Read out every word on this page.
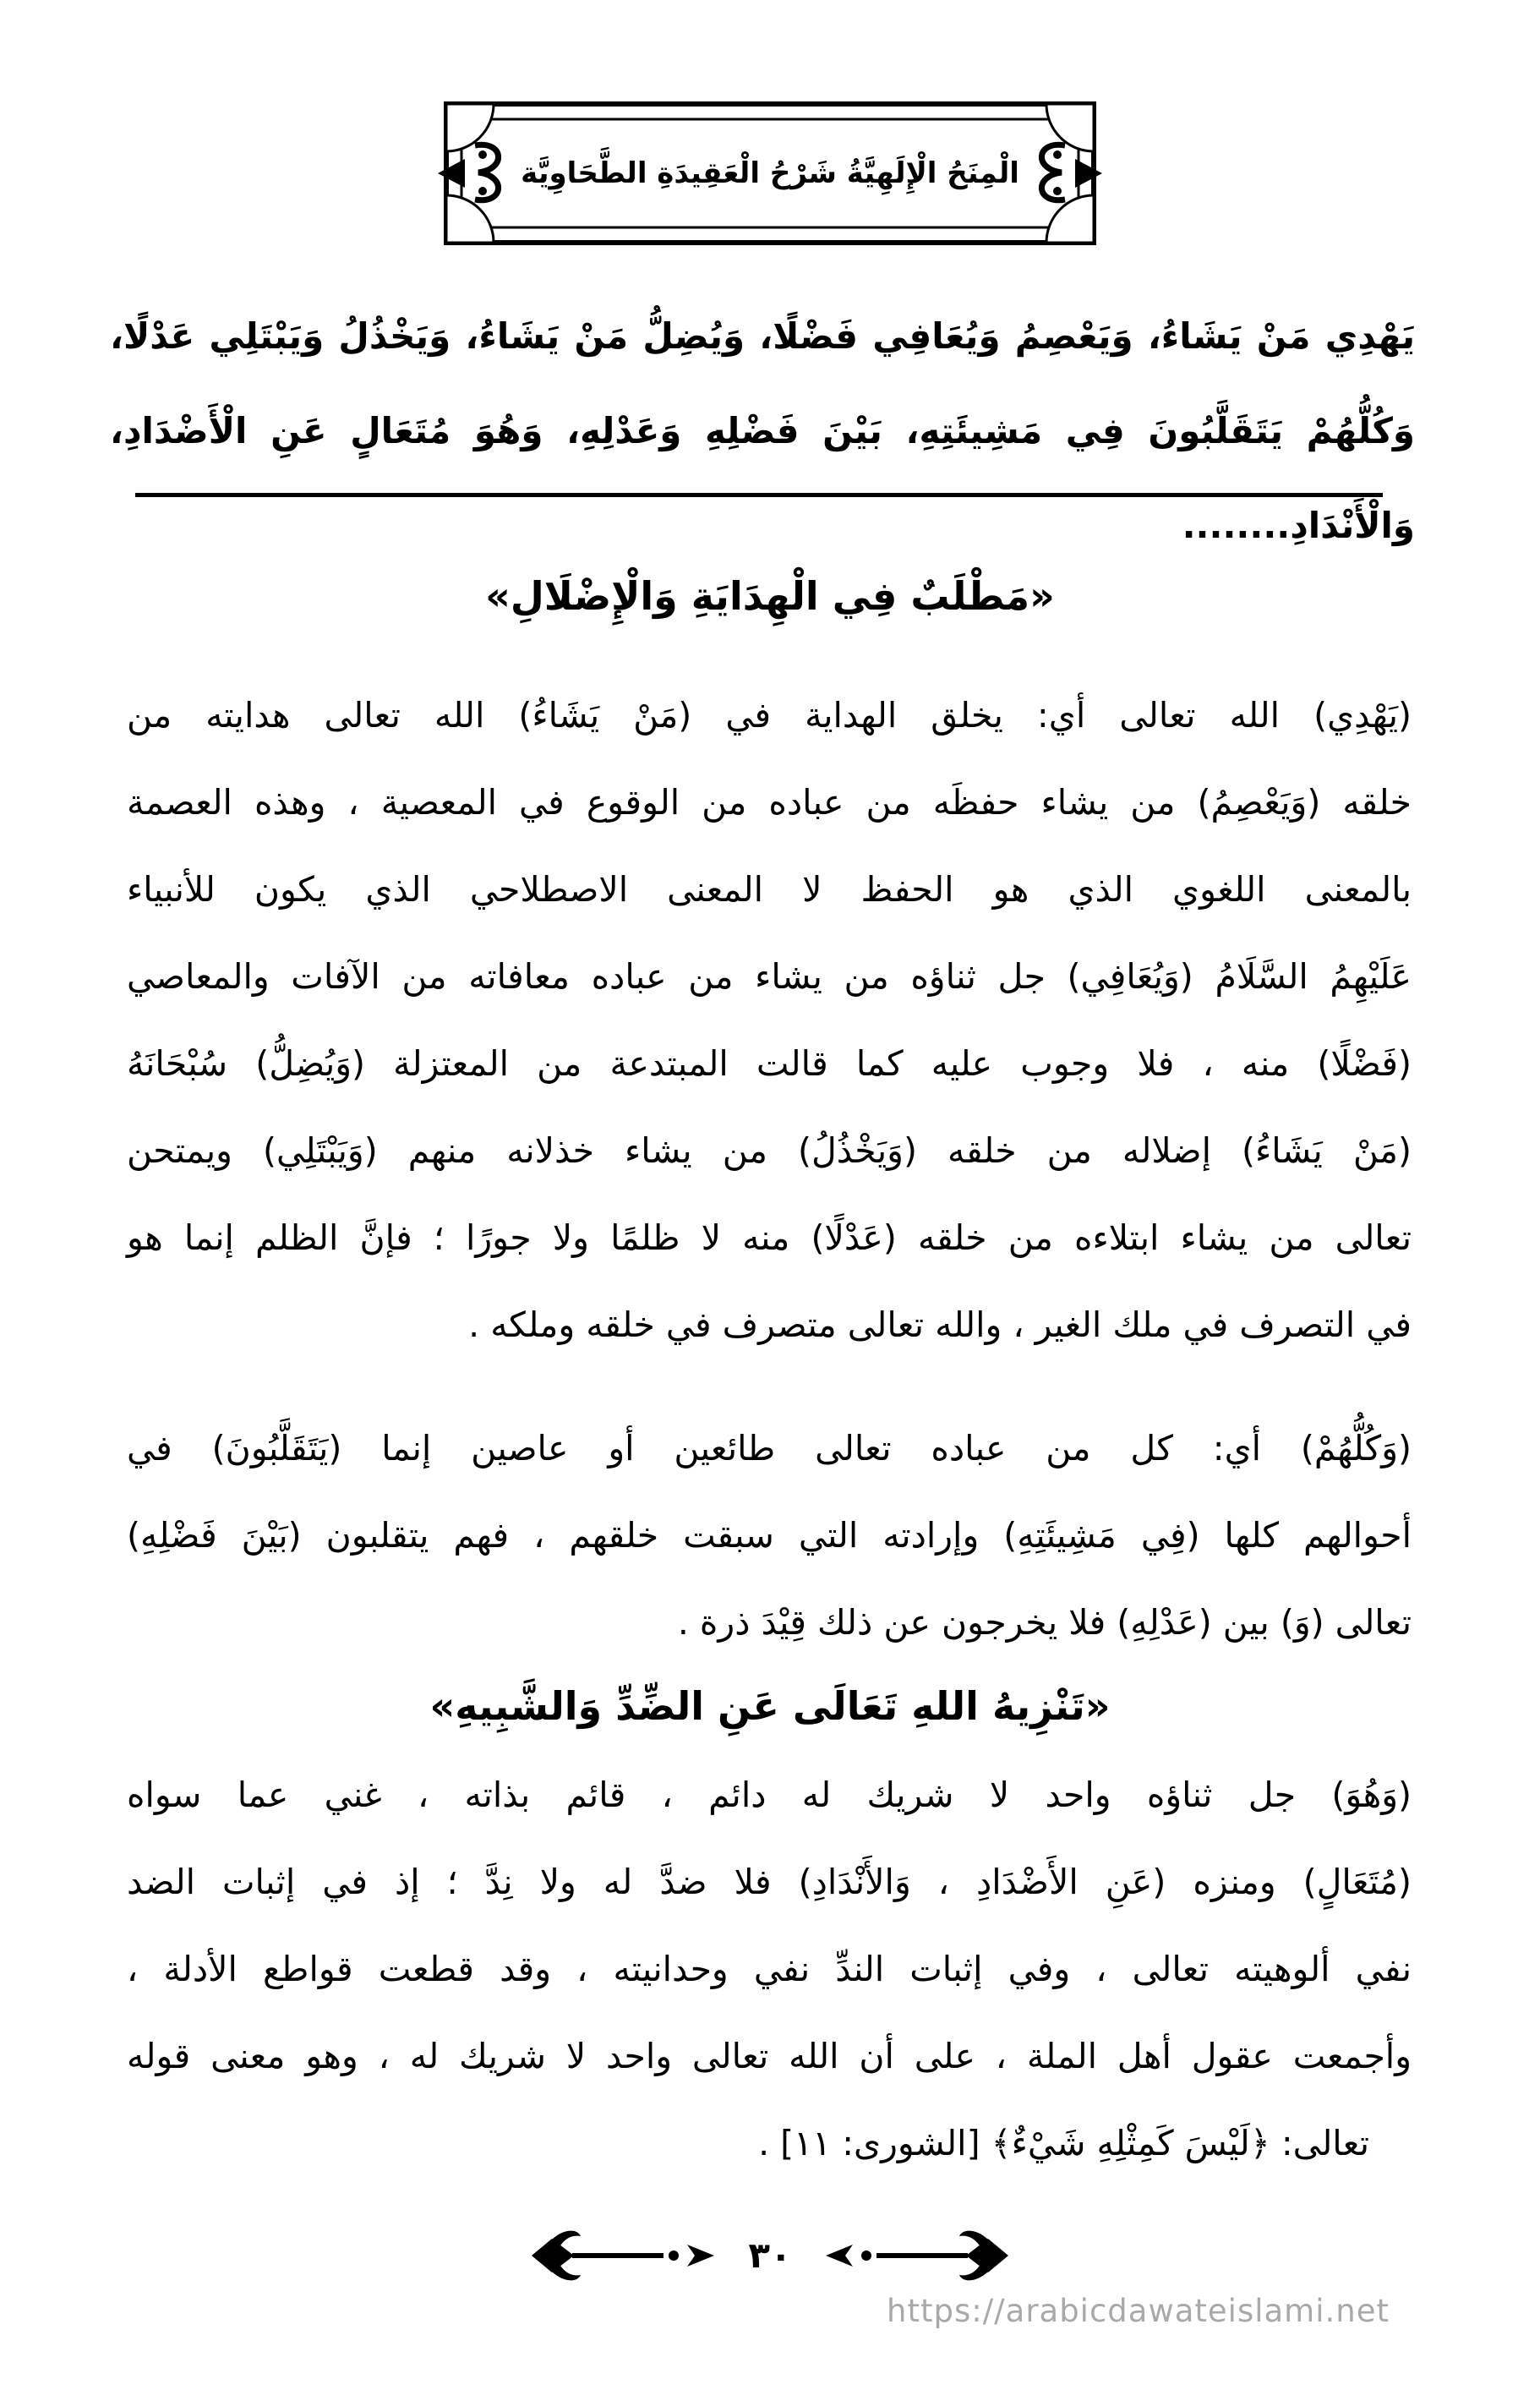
الْمِنَحُ الْإِلَهِيَّةُ شَرْحُ الْعَقِيدَةِ الطَّحَاوِيَّة
يَهْدِي مَنْ يَشَاءُ، وَيَعْصِمُ وَيُعَافِي فَضْلًا، وَيُضِلُّ مَنْ يَشَاءُ، وَيَخْذُلُ وَيَبْتَلِي عَدْلًا،
وَكُلُّهُمْ يَتَقَلَّبُونَ فِي مَشِيئَتِهِ، بَيْنَ فَضْلِهِ وَعَدْلِهِ، وَهُوَ مُتَعَالٍ عَنِ الْأَضْدَادِ، وَالْأَنْدَادِ........
«مَطْلَبٌ فِي الْهِدَايَةِ وَالْإِضْلَالِ»
(يَهْدِي) الله تعالى أي: يخلق الهداية في (مَنْ يَشَاءُ) الله تعالى هدايته من
خلقه (وَيَعْصِمُ) من يشاء حفظَه من عباده من الوقوع في المعصية ، وهذه العصمة
بالمعنى اللغوي الذي هو الحفظ لا المعنى الاصطلاحي الذي يكون للأنبياء
عَلَيْهِمُ السَّلَامُ (وَيُعَافِي) جل ثناؤه من يشاء من عباده معافاته من الآفات والمعاصي
(فَضْلًا) منه ، فلا وجوب عليه كما قالت المبتدعة من المعتزلة (وَيُضِلُّ) سُبْحَانَهُ
(مَنْ يَشَاءُ) إضلاله من خلقه (وَيَخْذُلُ) من يشاء خذلانه منهم (وَيَبْتَلِي) ويمتحن
تعالى من يشاء ابتلاءه من خلقه (عَدْلًا) منه لا ظلمًا ولا جورًا ؛ فإنَّ الظلم إنما هو
في التصرف في ملك الغير ، والله تعالى متصرف في خلقه وملكه .
(وَكُلُّهُمْ) أي: كل من عباده تعالى طائعين أو عاصين إنما (يَتَقَلَّبُونَ) في
أحوالهم كلها (فِي مَشِيئَتِهِ) وإرادته التي سبقت خلقهم ، فهم يتقلبون (بَيْنَ فَضْلِهِ)
تعالى (وَ) بين (عَدْلِهِ) فلا يخرجون عن ذلك قِيْدَ ذرة .
«تَنْزِيهُ اللهِ تَعَالَى عَنِ الضِّدِّ وَالشَّبِيهِ»
(وَهُوَ) جل ثناؤه واحد لا شريك له دائم ، قائم بذاته ، غني عما سواه
(مُتَعَالٍ) ومنزه (عَنِ الأَضْدَادِ ، وَالأَنْدَادِ) فلا ضدَّ له ولا نِدَّ ؛ إذ في إثبات الضد
نفي ألوهيته تعالى ، وفي إثبات الندِّ نفي وحدانيته ، وقد قطعت قواطع الأدلة ،
وأجمعت عقول أهل الملة ، على أن الله تعالى واحد لا شريك له ، وهو معنى قوله
تعالى: ﴿لَيْسَ كَمِثْلِهِ شَيْءٌ﴾ [الشورى: ١١] .
٣٠
https://arabicdawateislami.net
